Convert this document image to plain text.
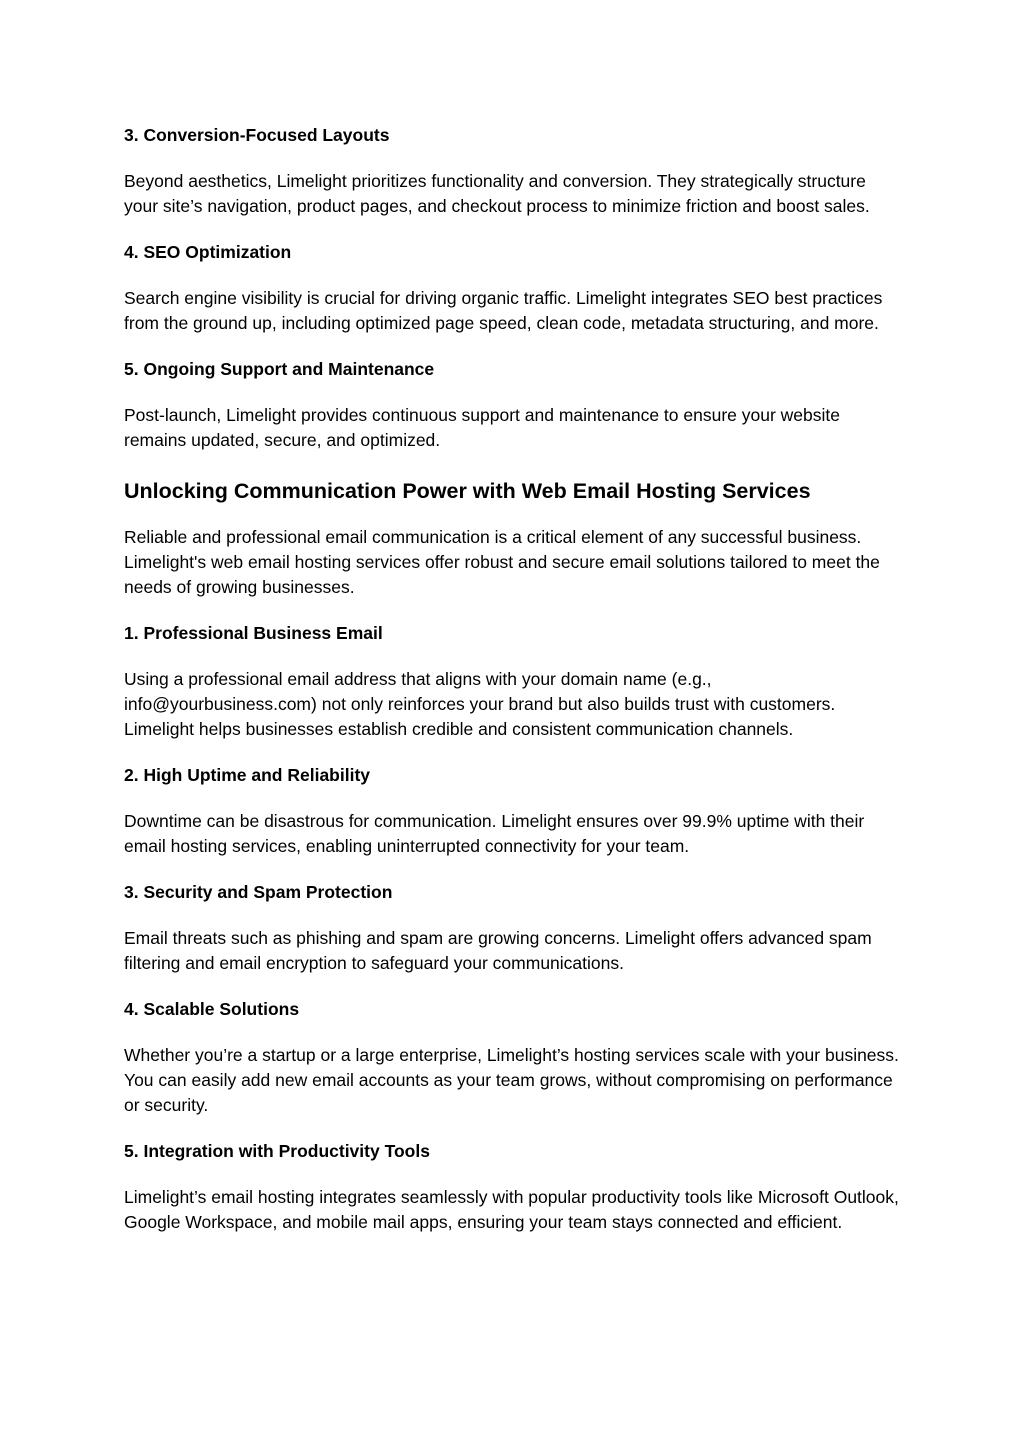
3. Conversion-Focused Layouts

Beyond aesthetics, Limelight prioritizes functionality and conversion. They strategically structure your site’s navigation, product pages, and checkout process to minimize friction and boost sales.

4. SEO Optimization

Search engine visibility is crucial for driving organic traffic. Limelight integrates SEO best practices from the ground up, including optimized page speed, clean code, metadata structuring, and more.

5. Ongoing Support and Maintenance

Post-launch, Limelight provides continuous support and maintenance to ensure your website remains updated, secure, and optimized.

Unlocking Communication Power with Web Email Hosting Services

Reliable and professional email communication is a critical element of any successful business. Limelight's web email hosting services offer robust and secure email solutions tailored to meet the needs of growing businesses.

1. Professional Business Email

Using a professional email address that aligns with your domain name (e.g., info@yourbusiness.com) not only reinforces your brand but also builds trust with customers. Limelight helps businesses establish credible and consistent communication channels.

2. High Uptime and Reliability

Downtime can be disastrous for communication. Limelight ensures over 99.9% uptime with their email hosting services, enabling uninterrupted connectivity for your team.

3. Security and Spam Protection

Email threats such as phishing and spam are growing concerns. Limelight offers advanced spam filtering and email encryption to safeguard your communications.

4. Scalable Solutions

Whether you’re a startup or a large enterprise, Limelight’s hosting services scale with your business. You can easily add new email accounts as your team grows, without compromising on performance or security.

5. Integration with Productivity Tools

Limelight’s email hosting integrates seamlessly with popular productivity tools like Microsoft Outlook, Google Workspace, and mobile mail apps, ensuring your team stays connected and efficient.
